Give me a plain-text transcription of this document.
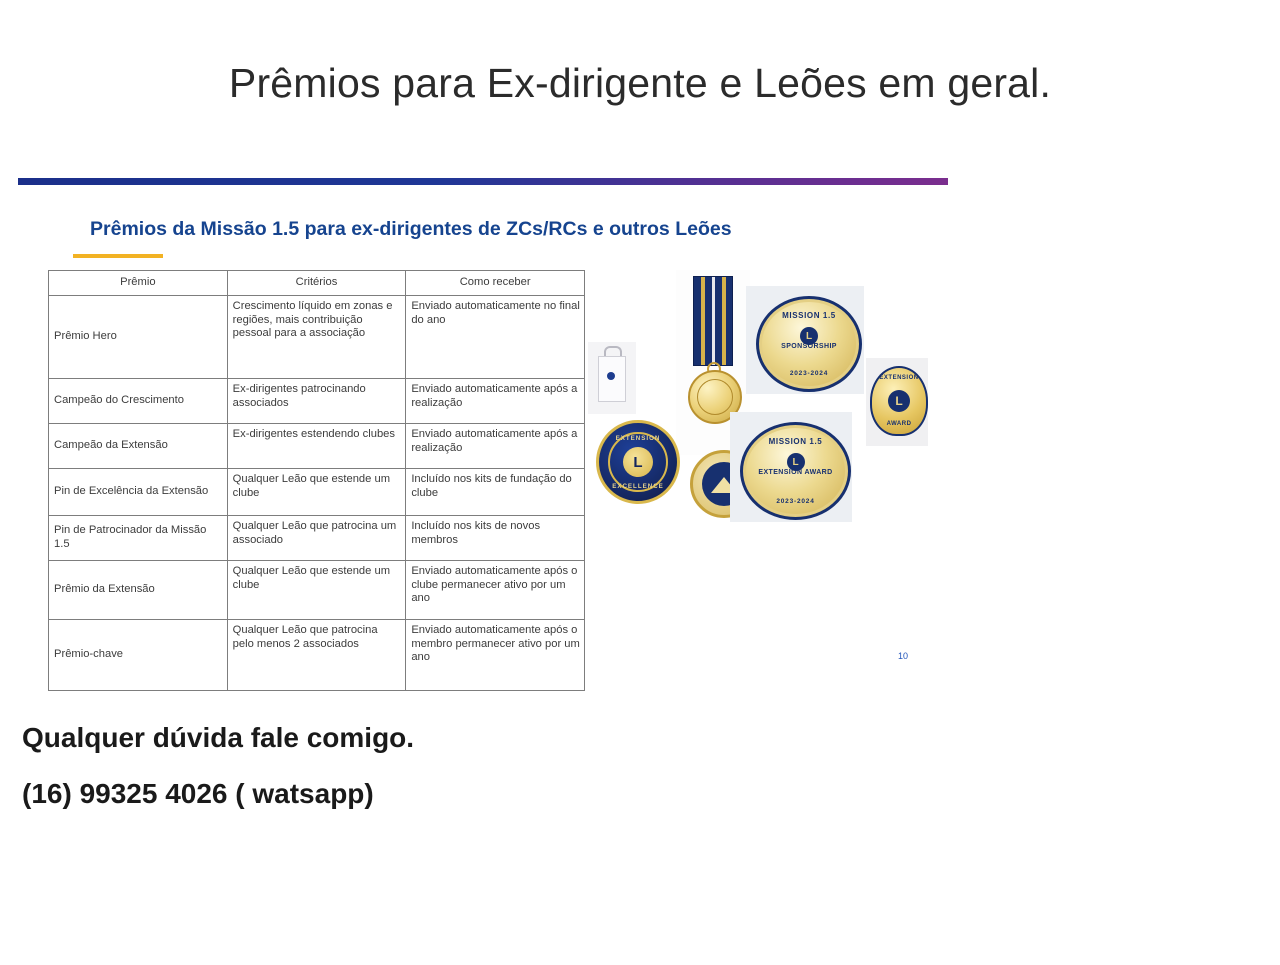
Prêmios para Ex-dirigente e Leões em geral.
Prêmios da Missão 1.5 para ex-dirigentes de ZCs/RCs e outros Leões
Prêmio	Critérios	Como receber
Prêmio Hero	Crescimento líquido em zonas e regiões, mais contribuição pessoal para a associação	Enviado automaticamente no final do ano
Campeão do Crescimento	Ex-dirigentes patrocinando associados	Enviado automaticamente após a realização
Campeão da Extensão	Ex-dirigentes estendendo clubes	Enviado automaticamente após a realização
Pin de Excelência da Extensão	Qualquer Leão que estende um clube	Incluído nos kits de fundação do clube
Pin de Patrocinador da Missão 1.5	Qualquer Leão que patrocina um associado	Incluído nos kits de novos membros
Prêmio da Extensão	Qualquer Leão que estende um clube	Enviado automaticamente após o clube permanecer ativo por um ano
Prêmio-chave	Qualquer Leão que patrocina pelo menos 2 associados	Enviado automaticamente após o membro permanecer ativo por um ano
EXTENSION
L
EXCELLENCE
MISSION 1.5
L
SPONSORSHIP
2023-2024
MISSION 1.5
L
EXTENSION AWARD
2023-2024
EXTENSION
L
AWARD
10
Qualquer dúvida fale comigo.
(16) 99325 4026 ( watsapp)
